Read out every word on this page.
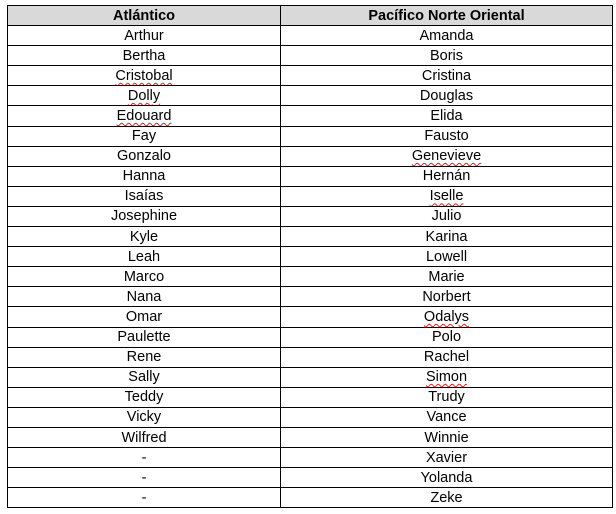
Atlántico	Pacífico Norte Oriental
Arthur	Amanda
Bertha	Boris
Cristobal	Cristina
Dolly	Douglas
Edouard	Elida
Fay	Fausto
Gonzalo	Genevieve
Hanna	Hernán
Isaías	Iselle
Josephine	Julio
Kyle	Karina
Leah	Lowell
Marco	Marie
Nana	Norbert
Omar	Odalys
Paulette	Polo
Rene	Rachel
Sally	Simon
Teddy	Trudy
Vicky	Vance
Wilfred	Winnie
-	Xavier
-	Yolanda
-	Zeke
